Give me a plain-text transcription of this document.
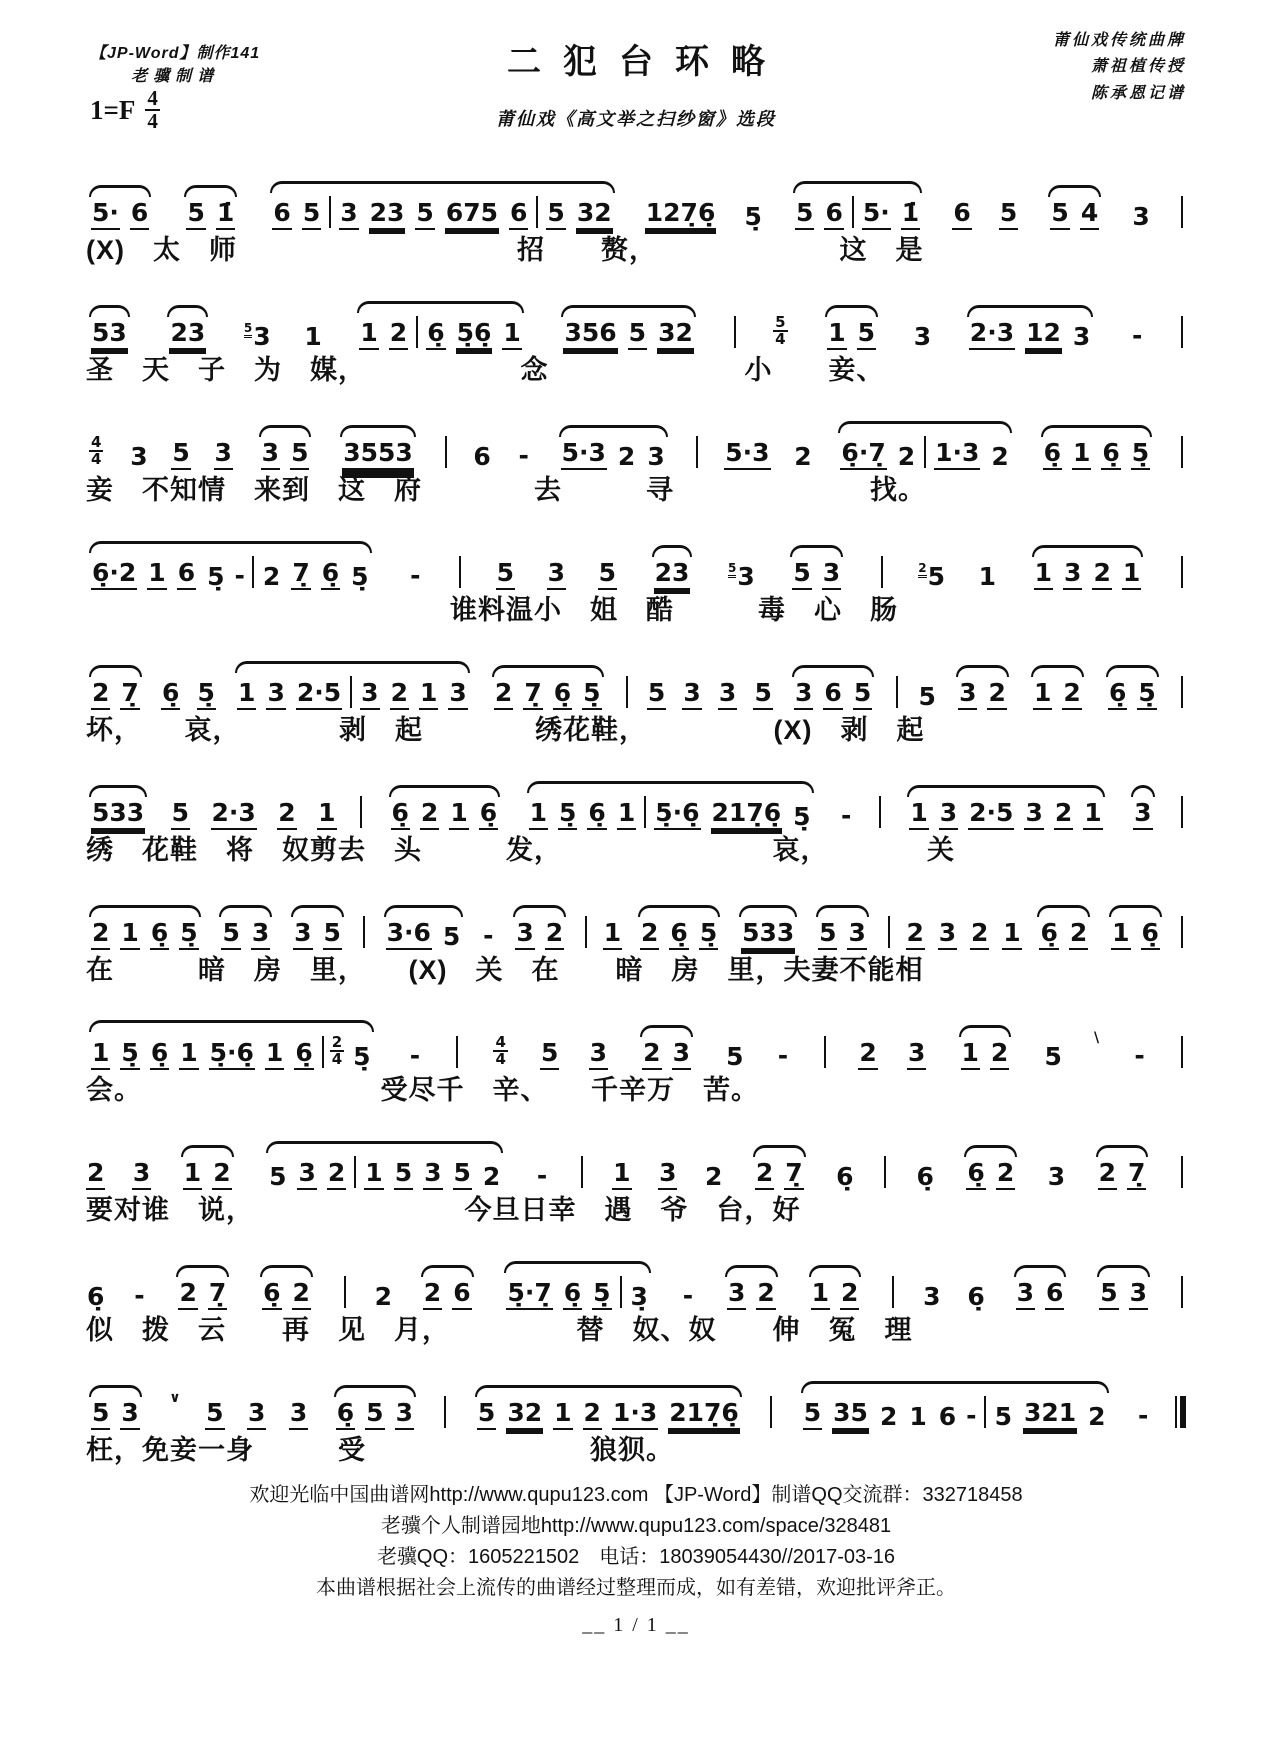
【JP-Word】制作141
老骥制谱
1=F 4
4
二犯台环略
莆仙戏《高文举之扫纱窗》选段
莆仙戏传统曲牌
萧祖植传授
陈承恩记谱
5· 6 5 1̇ 6 5 3 23 5 675 6 5 32 127̣6̣ 5̣ 5 6 5· 1̇ 6 5 5 4 3
(X)　太　师　　　　　　　　　　招　　赘，　　　　　　　这　是
53 23	$^5$3 1 1 2 6̣ 5̣6̣ 1 356 5 32	5
4 1 5 3 2·3 12 3 -
圣　天　子　为　媒，　　　　　　念　　　　　　　小　　妾、
4
4 3 5 3 3 5 3553 6 - 5·3 2 3 5·3 2 6̣·7̣ 2 1·3 2 6̣ 1 6̣ 5̣
妾　不知情　来到　这　府　　　　去　　　寻　　　　　　　找。
6̣·2 1 6 5̣ - 2 7̣ 6̣ 5̣ -	5 3 5 23	$^5$3 5 3	$^2$5 1 1 3 2 1
　　　　　　　　　　　　　谁料温小　姐　酷　　　毒　心　肠
2 7̣ 6̣ 5̣ 1 3 2·5 3 2 1 3 2 7̣ 6̣ 5̣ 5 3 3 5 3 6 5 5 3 2 1 2 6̣ 5̣
坏，　　哀，　　　　剥　起　　　　绣花鞋，　　　　　(X)　剥　起
533 5 2·3 2 1 6̣ 2 1 6̣ 1 5̣ 6̣ 1 5̣·6̣ 217̣6̣ 5̣ - 1 3 2·5 3 2 1 3
绣　花鞋　将　奴剪去　头　　　发，　　　　　　　　哀，　　　　关
2 1 6̣ 5̣ 5 3 3 5 3·6 5 - 3 2 1 2 6̣ 5̣ 533 5 3 2 3 2 1 6̣ 2 1 6̣
在　　　暗　房　里，　　(X)　关　在　　暗　房　里，夫妻不能相
1 5̣ 6̣ 1 5̣·6̣ 1 6̣ 2
4 5̣ -	4
4 5 3 2 3 5 -	2 3 1 2 5
\
-
会。　　　　　　　　　受尽千　辛、　　千辛万　苦。
2 3 1 2 5 3 2 1 5 3 5 2 -	1 3 2 2 7̣ 6̣	6̣ 6̣ 2 3 2 7̣
要对谁　说，　　　　　　　　今旦日幸　遇　爷　台，好
6̣ - 2 7̣ 6̣ 2	2 2 6 5̣·7̣ 6̣ 5̣ 3̣ - 3 2 1 2	3 6̣ 3 6 5 3
似　拨　云　　再　见　月，　　　　　替　奴、奴　　伸　冤　理
5 3 ∨ 5 3 3 6̣ 5 3	5 32 1 2 1·3 217̣6̣	5 35 2 1 6 - 5 321 2 -
枉，免妾一身　　　受　　　　　　　　狼狈。
欢迎光临中国曲谱网http://www.qupu123.com 【JP-Word】制谱QQ交流群：332718458
老骥个人制谱园地http://www.qupu123.com/space/328481
老骥QQ：1605221502　电话：18039054430//2017-03-16
本曲谱根据社会上流传的曲谱经过整理而成，如有差错，欢迎批评斧正。
__ 1 / 1 __
